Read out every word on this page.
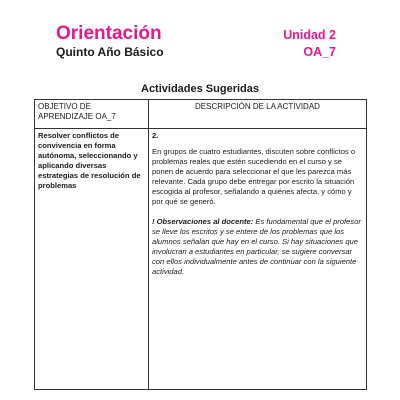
Orientación

Quinto Año Básico

Unidad 2

OA_7

Actividades Sugeridas
OBJETIVO DE APRENDIZAJE OA_7	DESCRIPCIÓN DE LA ACTIVIDAD
Resolver conflictos de convivencia en forma autónoma, seleccionando y aplicando diversas estrategias de resolución de problemas	2.

En grupos de cuatro estudiantes, discuten sobre conflictos o problemas reales que estén sucediendo en el curso y se ponen de acuerdo para seleccionar el que les parezca más relevante. Cada grupo debe entregar por escrito la situación escogida al profesor, señalando a quiénes afecta, y cómo y por qué se generó.

! Observaciones al docente: Es fundamental que el profesor se lleve los escritos y se entere de los problemas que los alumnos señalan que hay en el curso. Si hay situaciones que involucran a estudiantes en particular, se sugiere conversar con ellos individualmente antes de continuar con la siguiente actividad.
